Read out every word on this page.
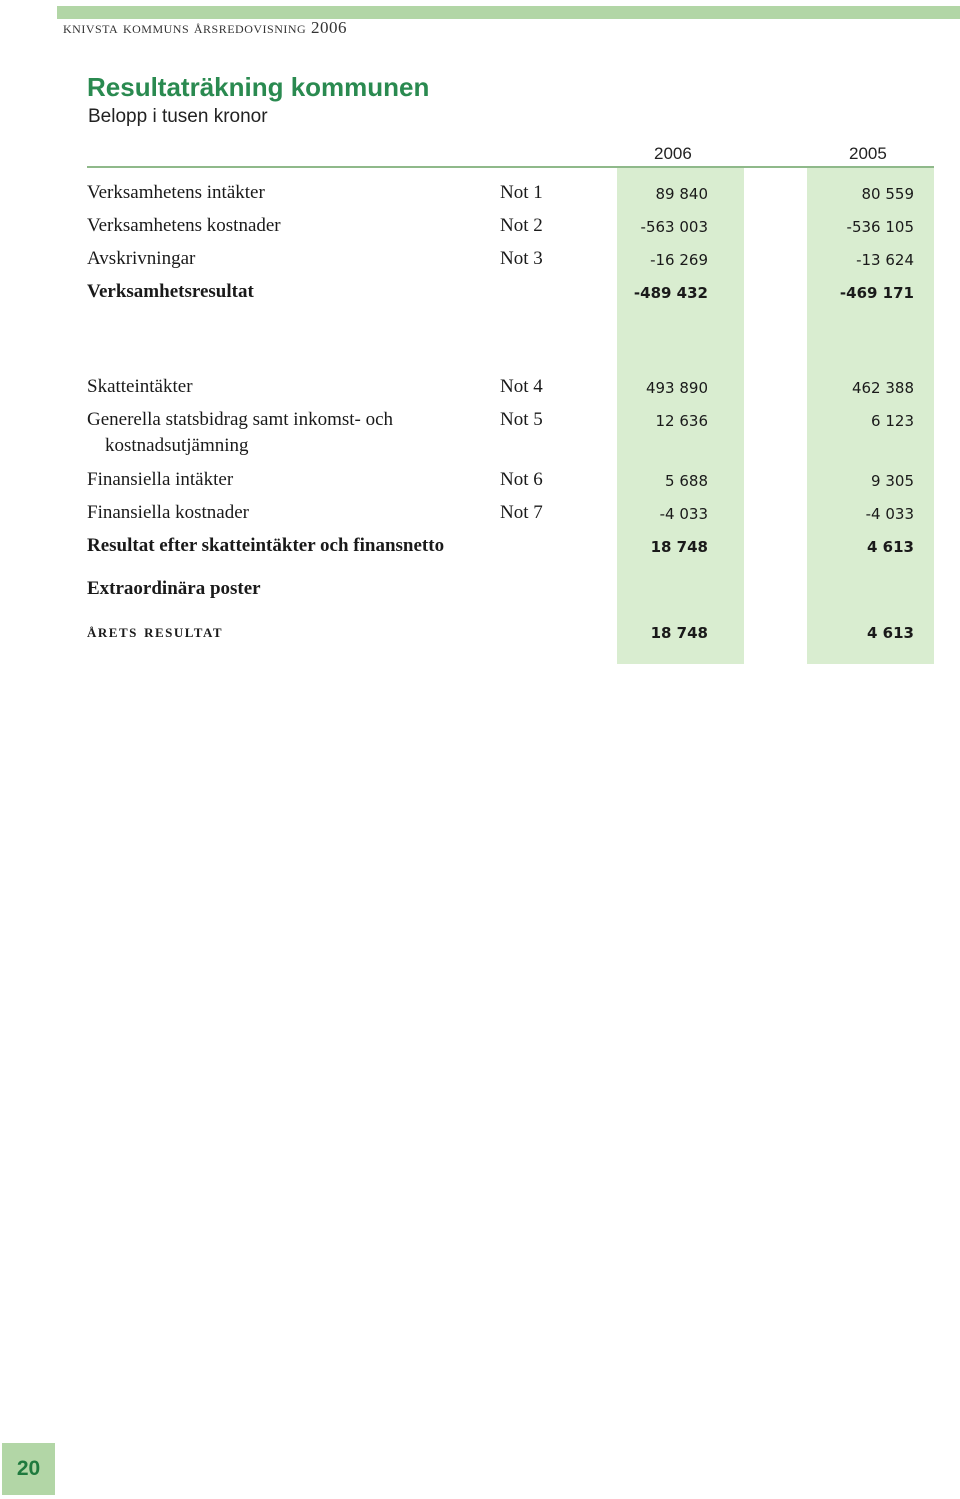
knivsta kommuns årsredovisning 2006
Resultaträkning kommunen
Belopp i tusen kronor
2006	2005
Verksamhetens intäkter	Not 1	89 840	80 559
Verksamhetens kostnader	Not 2	-563 003	-536 105
Avskrivningar	Not 3	-16 269	-13 624
Verksamhetsresultat	-489 432	-469 171
Skatteintäkter	Not 4	493 890	462 388
Generella statsbidrag samt inkomst- och
kostnadsutjämning
Not 5	12 636	6 123
Finansiella intäkter	Not 6	5 688	9 305
Finansiella kostnader	Not 7	-4 033	-4 033
Resultat efter skatteintäkter och finansnetto	18 748	4 613
Extraordinära poster
årets resultat	18 748	4 613
20
